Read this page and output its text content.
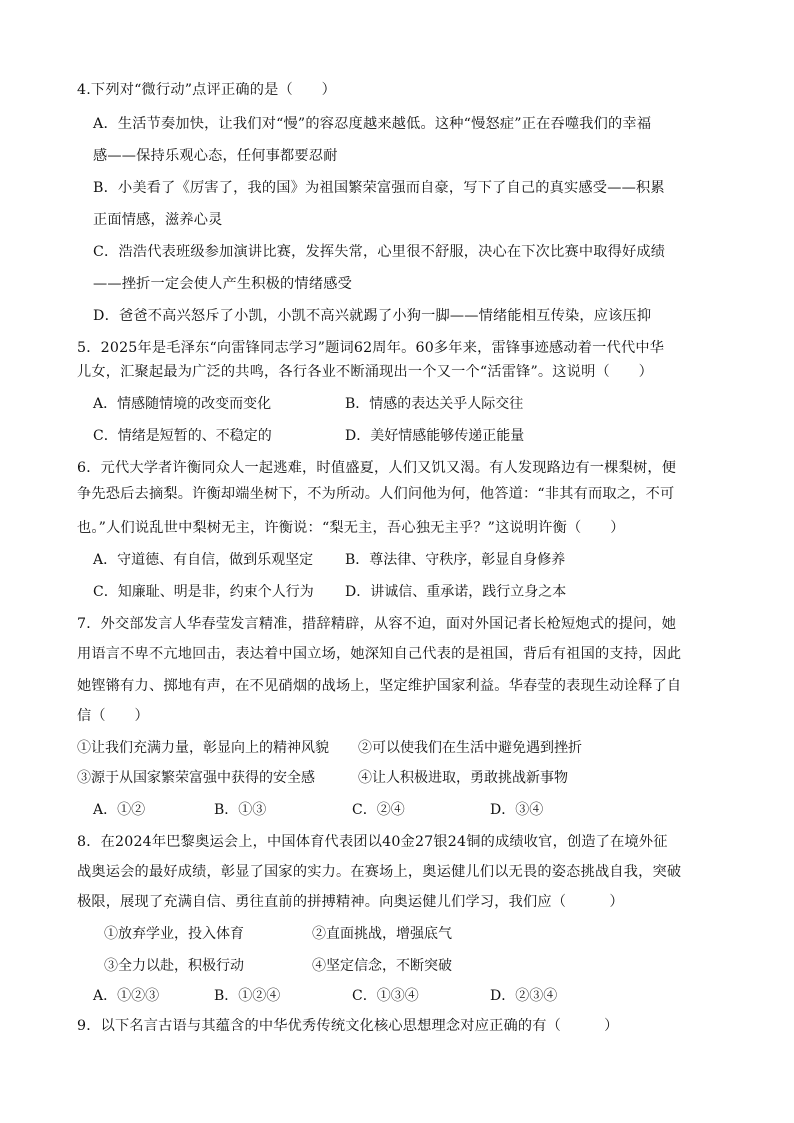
4.下列对“微行动”点评正确的是（　　）
A．生活节奏加快，让我们对“慢”的容忍度越来越低。这种“慢怒症”正在吞噬我们的幸福
感——保持乐观心态，任何事都要忍耐
B．小美看了《厉害了，我的国》为祖国繁荣富强而自豪，写下了自己的真实感受——积累
正面情感，滋养心灵
C．浩浩代表班级参加演讲比赛，发挥失常，心里很不舒服，决心在下次比赛中取得好成绩
——挫折一定会使人产生积极的情绪感受
D．爸爸不高兴怒斥了小凯，小凯不高兴就踢了小狗一脚——情绪能相互传染，应该压抑
5．2025年是毛泽东“向雷锋同志学习”题词62周年。60多年来，雷锋事迹感动着一代代中华
儿女，汇聚起最为广泛的共鸣，各行各业不断涌现出一个又一个“活雷锋”。这说明（　　）
A．情感随情境的改变而变化	B．情感的表达关乎人际交往
C．情绪是短暂的、不稳定的	D．美好情感能够传递正能量
6．元代大学者许衡同众人一起逃难，时值盛夏，人们又饥又渴。有人发现路边有一棵梨树，便
争先恐后去摘梨。许衡却端坐树下，不为所动。人们问他为何，他答道：“非其有而取之，不可
也。”人们说乱世中梨树无主，许衡说：“梨无主，吾心独无主乎？”这说明许衡（　　）
A．守道德、有自信，做到乐观坚定 B．尊法律、守秩序，彰显自身修养
C．知廉耻、明是非，约束个人行为 D．讲诚信、重承诺，践行立身之本
7．外交部发言人华春莹发言精准，措辞精辟，从容不迫，面对外国记者长枪短炮式的提问，她
用语言不卑不亢地回击，表达着中国立场，她深知自己代表的是祖国，背后有祖国的支持，因此
她铿锵有力、掷地有声，在不见硝烟的战场上，坚定维护国家利益。华春莹的表现生动诠释了自
信（　　）
①让我们充满力量，彰显向上的精神风貌 ②可以使我们在生活中避免遇到挫折
③源于从国家繁荣富强中获得的安全感	④让人积极进取，勇敢挑战新事物
A．①②	B．①③	C．②④	D．③④
8．在2024年巴黎奥运会上，中国体育代表团以40金27银24铜的成绩收官，创造了在境外征
战奥运会的最好成绩，彰显了国家的实力。在赛场上，奥运健儿们以无畏的姿态挑战自我，突破
极限，展现了充满自信、勇往直前的拼搏精神。向奥运健儿们学习，我们应（　　　）
①放弃学业，投入体育	②直面挑战，增强底气
③全力以赴，积极行动	④坚定信念，不断突破
A．①②③	B．①②④	C．①③④	D．②③④
9．以下名言古语与其蕴含的中华优秀传统文化核心思想理念对应正确的有（　　　）
